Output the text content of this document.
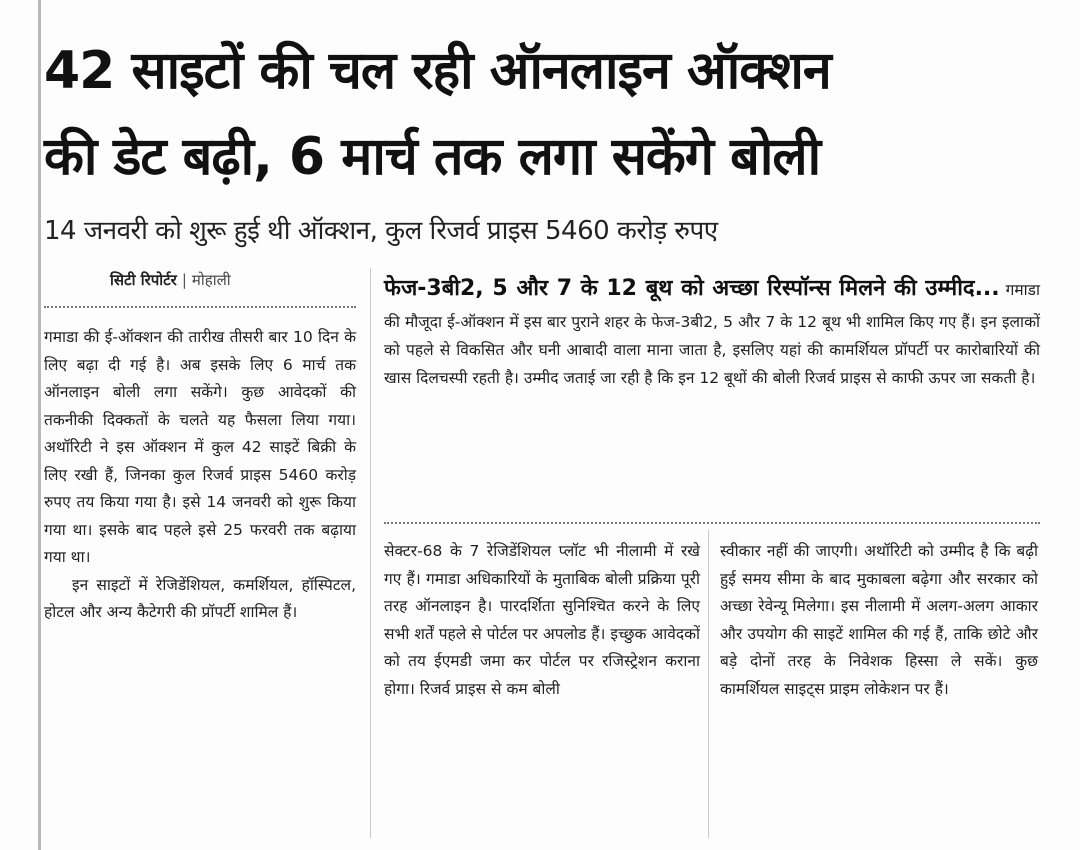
42 साइटों की चल रही ऑनलाइन ऑक्शन
की डेट बढ़ी, 6 मार्च तक लगा सकेंगे बोली
14 जनवरी को शुरू हुई थी ऑक्शन, कुल रिजर्व प्राइस 5460 करोड़ रुपए
सिटी रिपोर्टर | मोहाली

गमाडा की ई-ऑक्शन की तारीख तीसरी बार 10 दिन के लिए बढ़ा दी गई है। अब इसके लिए 6 मार्च तक ऑनलाइन बोली लगा सकेंगे। कुछ आवेदकों की तकनीकी दिक्कतों के चलते यह फैसला लिया गया। अथॉरिटी ने इस ऑक्शन में कुल 42 साइटें बिक्री के लिए रखी हैं, जिनका कुल रिजर्व प्राइस 5460 करोड़ रुपए तय किया गया है। इसे 14 जनवरी को शुरू किया गया था। इसके बाद पहले इसे 25 फरवरी तक बढ़ाया गया था।

इन साइटों में रेजिडेंशियल, कमर्शियल, हॉस्पिटल, होटल और अन्य कैटेगरी की प्रॉपर्टी शामिल हैं।

फेज-3बी2, 5 और 7 के 12 बूथ को अच्छा रिस्पॉन्स मिलने की उम्मीद... गमाडा की मौजूदा ई-ऑक्शन में इस बार पुराने शहर के फेज-3बी2, 5 और 7 के 12 बूथ भी शामिल किए गए हैं। इन इलाकों को पहले से विकसित और घनी आबादी वाला माना जाता है, इसलिए यहां की कामर्शियल प्रॉपर्टी पर कारोबारियों की खास दिलचस्पी रहती है। उम्मीद जताई जा रही है कि इन 12 बूथों की बोली रिजर्व प्राइस से काफी ऊपर जा सकती है।

सेक्टर-68 के 7 रेजिडेंशियल प्लॉट भी नीलामी में रखे गए हैं। गमाडा अधिकारियों के मुताबिक बोली प्रक्रिया पूरी तरह ऑनलाइन है। पारदर्शिता सुनिश्चित करने के लिए सभी शर्तें पहले से पोर्टल पर अपलोड हैं। इच्छुक आवेदकों को तय ईएमडी जमा कर पोर्टल पर रजिस्ट्रेशन कराना होगा। रिजर्व प्राइस से कम बोली

स्वीकार नहीं की जाएगी। अथॉरिटी को उम्मीद है कि बढ़ी हुई समय सीमा के बाद मुकाबला बढ़ेगा और सरकार को अच्छा रेवेन्यू मिलेगा। इस नीलामी में अलग-अलग आकार और उपयोग की साइटें शामिल की गई हैं, ताकि छोटे और बड़े दोनों तरह के निवेशक हिस्सा ले सकें। कुछ कामर्शियल साइट्स प्राइम लोकेशन पर हैं।
